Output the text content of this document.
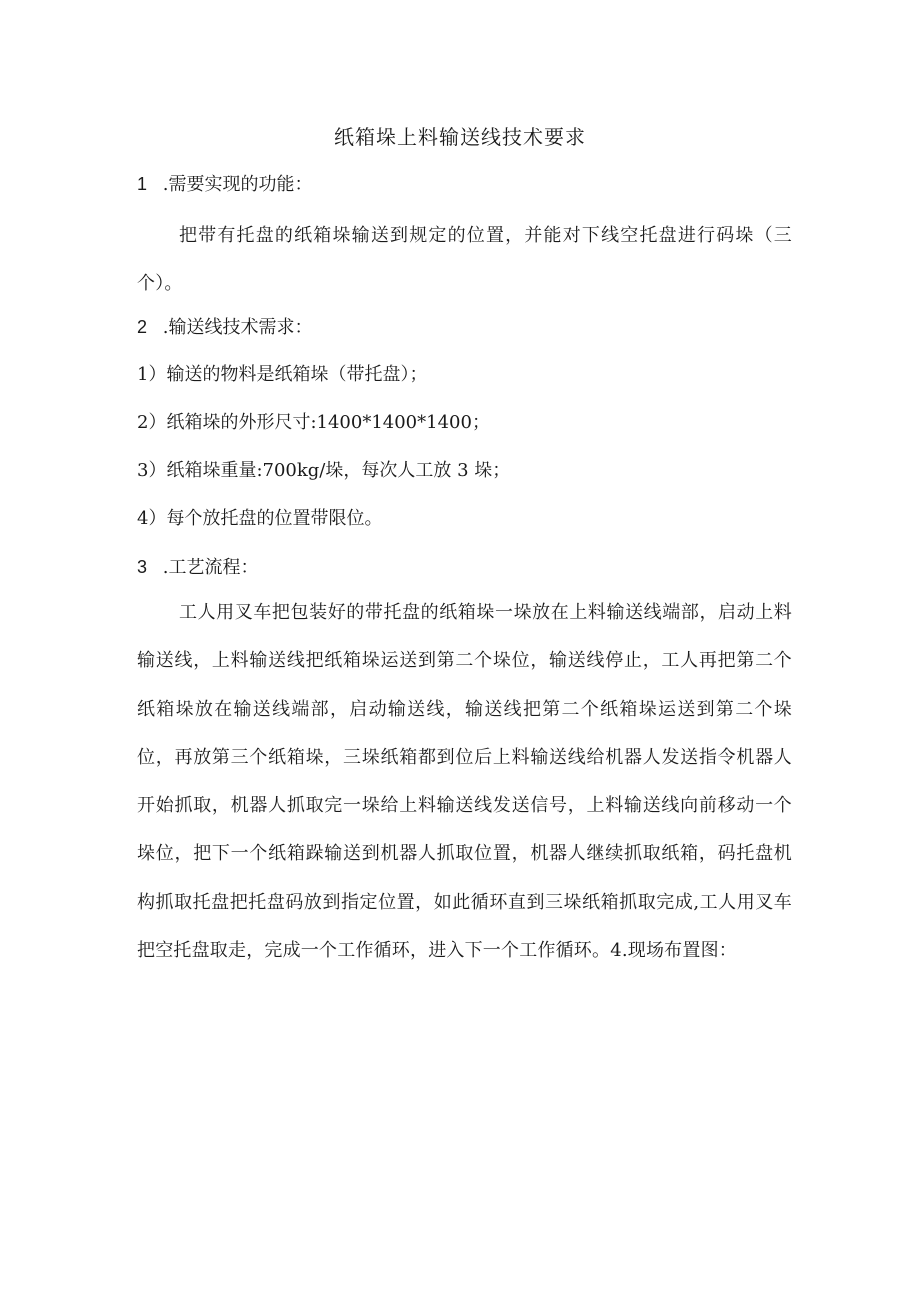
纸箱垛上料输送线技术要求
1 .需要实现的功能：
把带有托盘的纸箱垛输送到规定的位置，并能对下线空托盘进行码垛（三个）。
2 .输送线技术需求：
1）输送的物料是纸箱垛（带托盘）；
2）纸箱垛的外形尺寸:1400*1400*1400；
3）纸箱垛重量:700kg/垛，每次人工放 3 垛；
4）每个放托盘的位置带限位。
3 .工艺流程：
工人用叉车把包装好的带托盘的纸箱垛一垛放在上料输送线端部，启动上料输送线，上料输送线把纸箱垛运送到第二个垛位，输送线停止，工人再把第二个纸箱垛放在输送线端部，启动输送线，输送线把第二个纸箱垛运送到第二个垛位，再放第三个纸箱垛，三垛纸箱都到位后上料输送线给机器人发送指令机器人开始抓取，机器人抓取完一垛给上料输送线发送信号，上料输送线向前移动一个垛位，把下一个纸箱跺输送到机器人抓取位置，机器人继续抓取纸箱，码托盘机构抓取托盘把托盘码放到指定位置，如此循环直到三垛纸箱抓取完成,工人用叉车把空托盘取走，完成一个工作循环，进入下一个工作循环。4.现场布置图：
